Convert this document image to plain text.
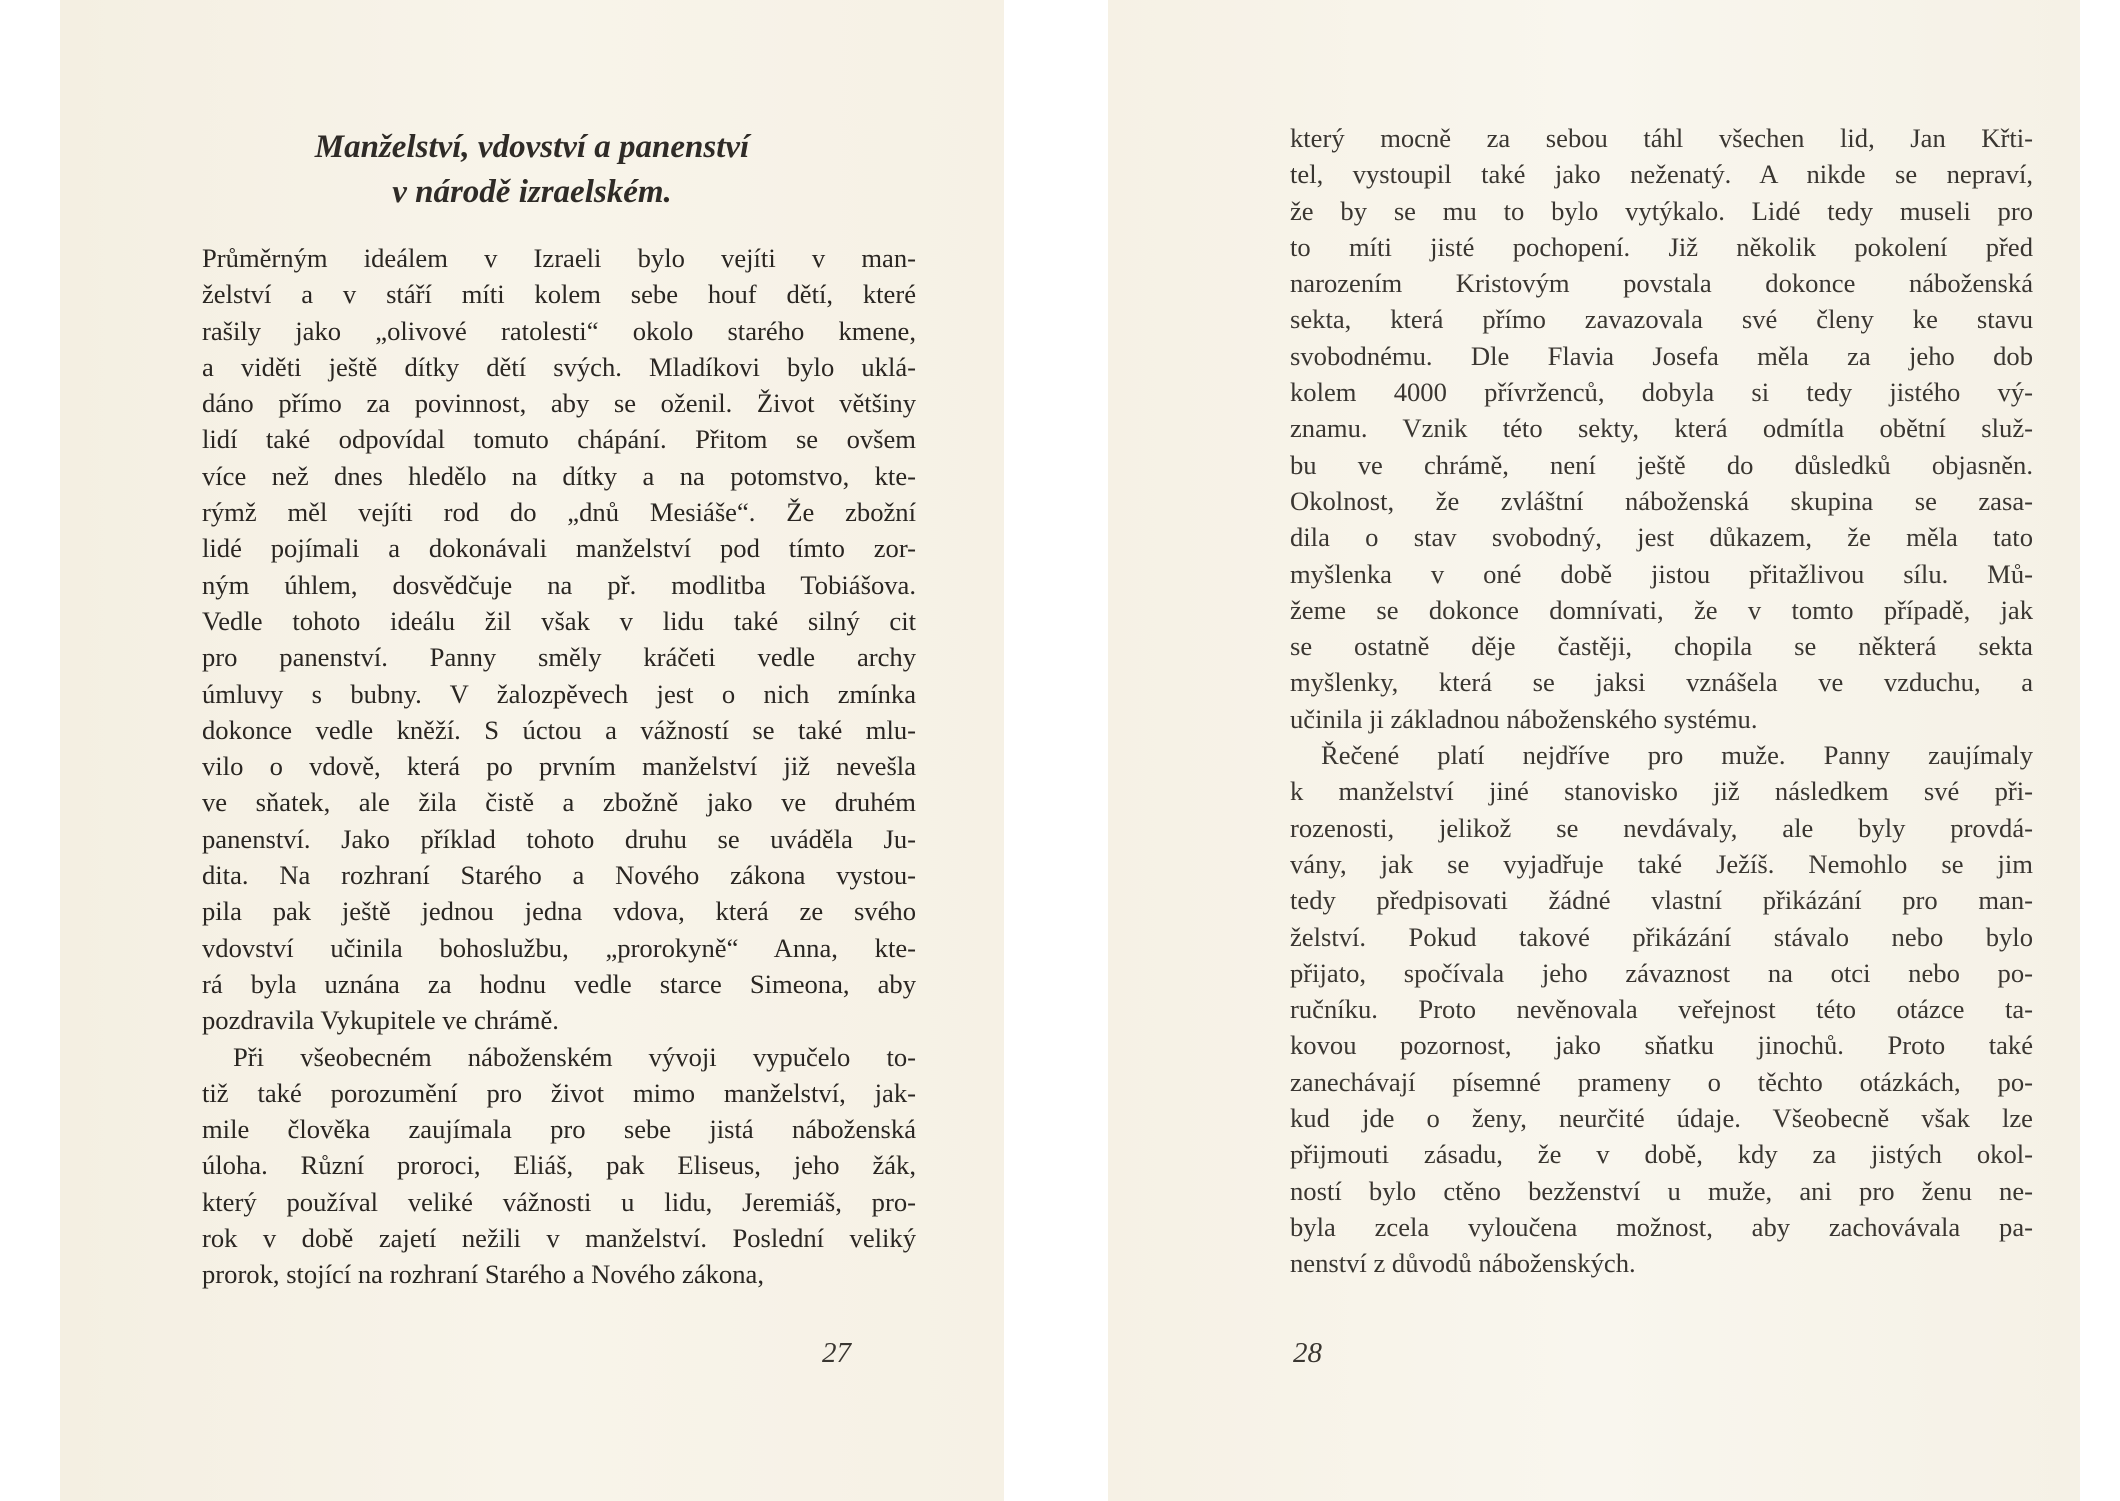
Manželství, vdovství a panenství
v národě izraelském.
Průměrným ideálem v Izraeli bylo vejíti v man-
želství a v stáří míti kolem sebe houf dětí, které
rašily jako „olivové ratolesti“ okolo starého kmene,
a viděti ještě dítky dětí svých. Mladíkovi bylo uklá-
dáno přímo za povinnost, aby se oženil. Život většiny
lidí také odpovídal tomuto chápání. Přitom se ovšem
více než dnes hledělo na dítky a na potomstvo, kte-
rýmž měl vejíti rod do „dnů Mesiáše“. Že zbožní
lidé pojímali a dokonávali manželství pod tímto zor-
ným úhlem, dosvědčuje na př. modlitba Tobiášova.
Vedle tohoto ideálu žil však v lidu také silný cit
pro panenství. Panny směly kráčeti vedle archy
úmluvy s bubny. V žalozpěvech jest o nich zmínka
dokonce vedle kněží. S úctou a vážností se také mlu-
vilo o vdově, která po prvním manželství již nevešla
ve sňatek, ale žila čistě a zbožně jako ve druhém
panenství. Jako příklad tohoto druhu se uváděla Ju-
dita. Na rozhraní Starého a Nového zákona vystou-
pila pak ještě jednou jedna vdova, která ze svého
vdovství učinila bohoslužbu, „prorokyně“ Anna, kte-
rá byla uznána za hodnu vedle starce Simeona, aby
pozdravila Vykupitele ve chrámě.
Při všeobecném náboženském vývoji vypučelo to-
tiž také porozumění pro život mimo manželství, jak-
mile člověka zaujímala pro sebe jistá náboženská
úloha. Různí proroci, Eliáš, pak Eliseus, jeho žák,
který používal veliké vážnosti u lidu, Jeremiáš, pro-
rok v době zajetí nežili v manželství. Poslední veliký
prorok, stojící na rozhraní Starého a Nového zákona,

27

který mocně za sebou táhl všechen lid, Jan Křti-
tel, vystoupil také jako neženatý. A nikde se nepraví,
že by se mu to bylo vytýkalo. Lidé tedy museli pro
to míti jisté pochopení. Již několik pokolení před
narozením Kristovým povstala dokonce náboženská
sekta, která přímo zavazovala své členy ke stavu
svobodnému. Dle Flavia Josefa měla za jeho dob
kolem 4000 přívrženců, dobyla si tedy jistého vý-
znamu. Vznik této sekty, která odmítla obětní služ-
bu ve chrámě, není ještě do důsledků objasněn.
Okolnost, že zvláštní náboženská skupina se zasa-
dila o stav svobodný, jest důkazem, že měla tato
myšlenka v oné době jistou přitažlivou sílu. Mů-
žeme se dokonce domnívati, že v tomto případě, jak
se ostatně děje častěji, chopila se některá sekta
myšlenky, která se jaksi vznášela ve vzduchu, a
učinila ji základnou náboženského systému.
Řečené platí nejdříve pro muže. Panny zaujímaly
k manželství jiné stanovisko již následkem své při-
rozenosti, jelikož se nevdávaly, ale byly provdá-
vány, jak se vyjadřuje také Ježíš. Nemohlo se jim
tedy předpisovati žádné vlastní přikázání pro man-
želství. Pokud takové přikázání stávalo nebo bylo
přijato, spočívala jeho závaznost na otci nebo po-
ručníku. Proto nevěnovala veřejnost této otázce ta-
kovou pozornost, jako sňatku jinochů. Proto také
zanechávají písemné prameny o těchto otázkách, po-
kud jde o ženy, neurčité údaje. Všeobecně však lze
přijmouti zásadu, že v době, kdy za jistých okol-
ností bylo ctěno bezženství u muže, ani pro ženu ne-
byla zcela vyloučena možnost, aby zachovávala pa-
nenství z důvodů náboženských.

28
